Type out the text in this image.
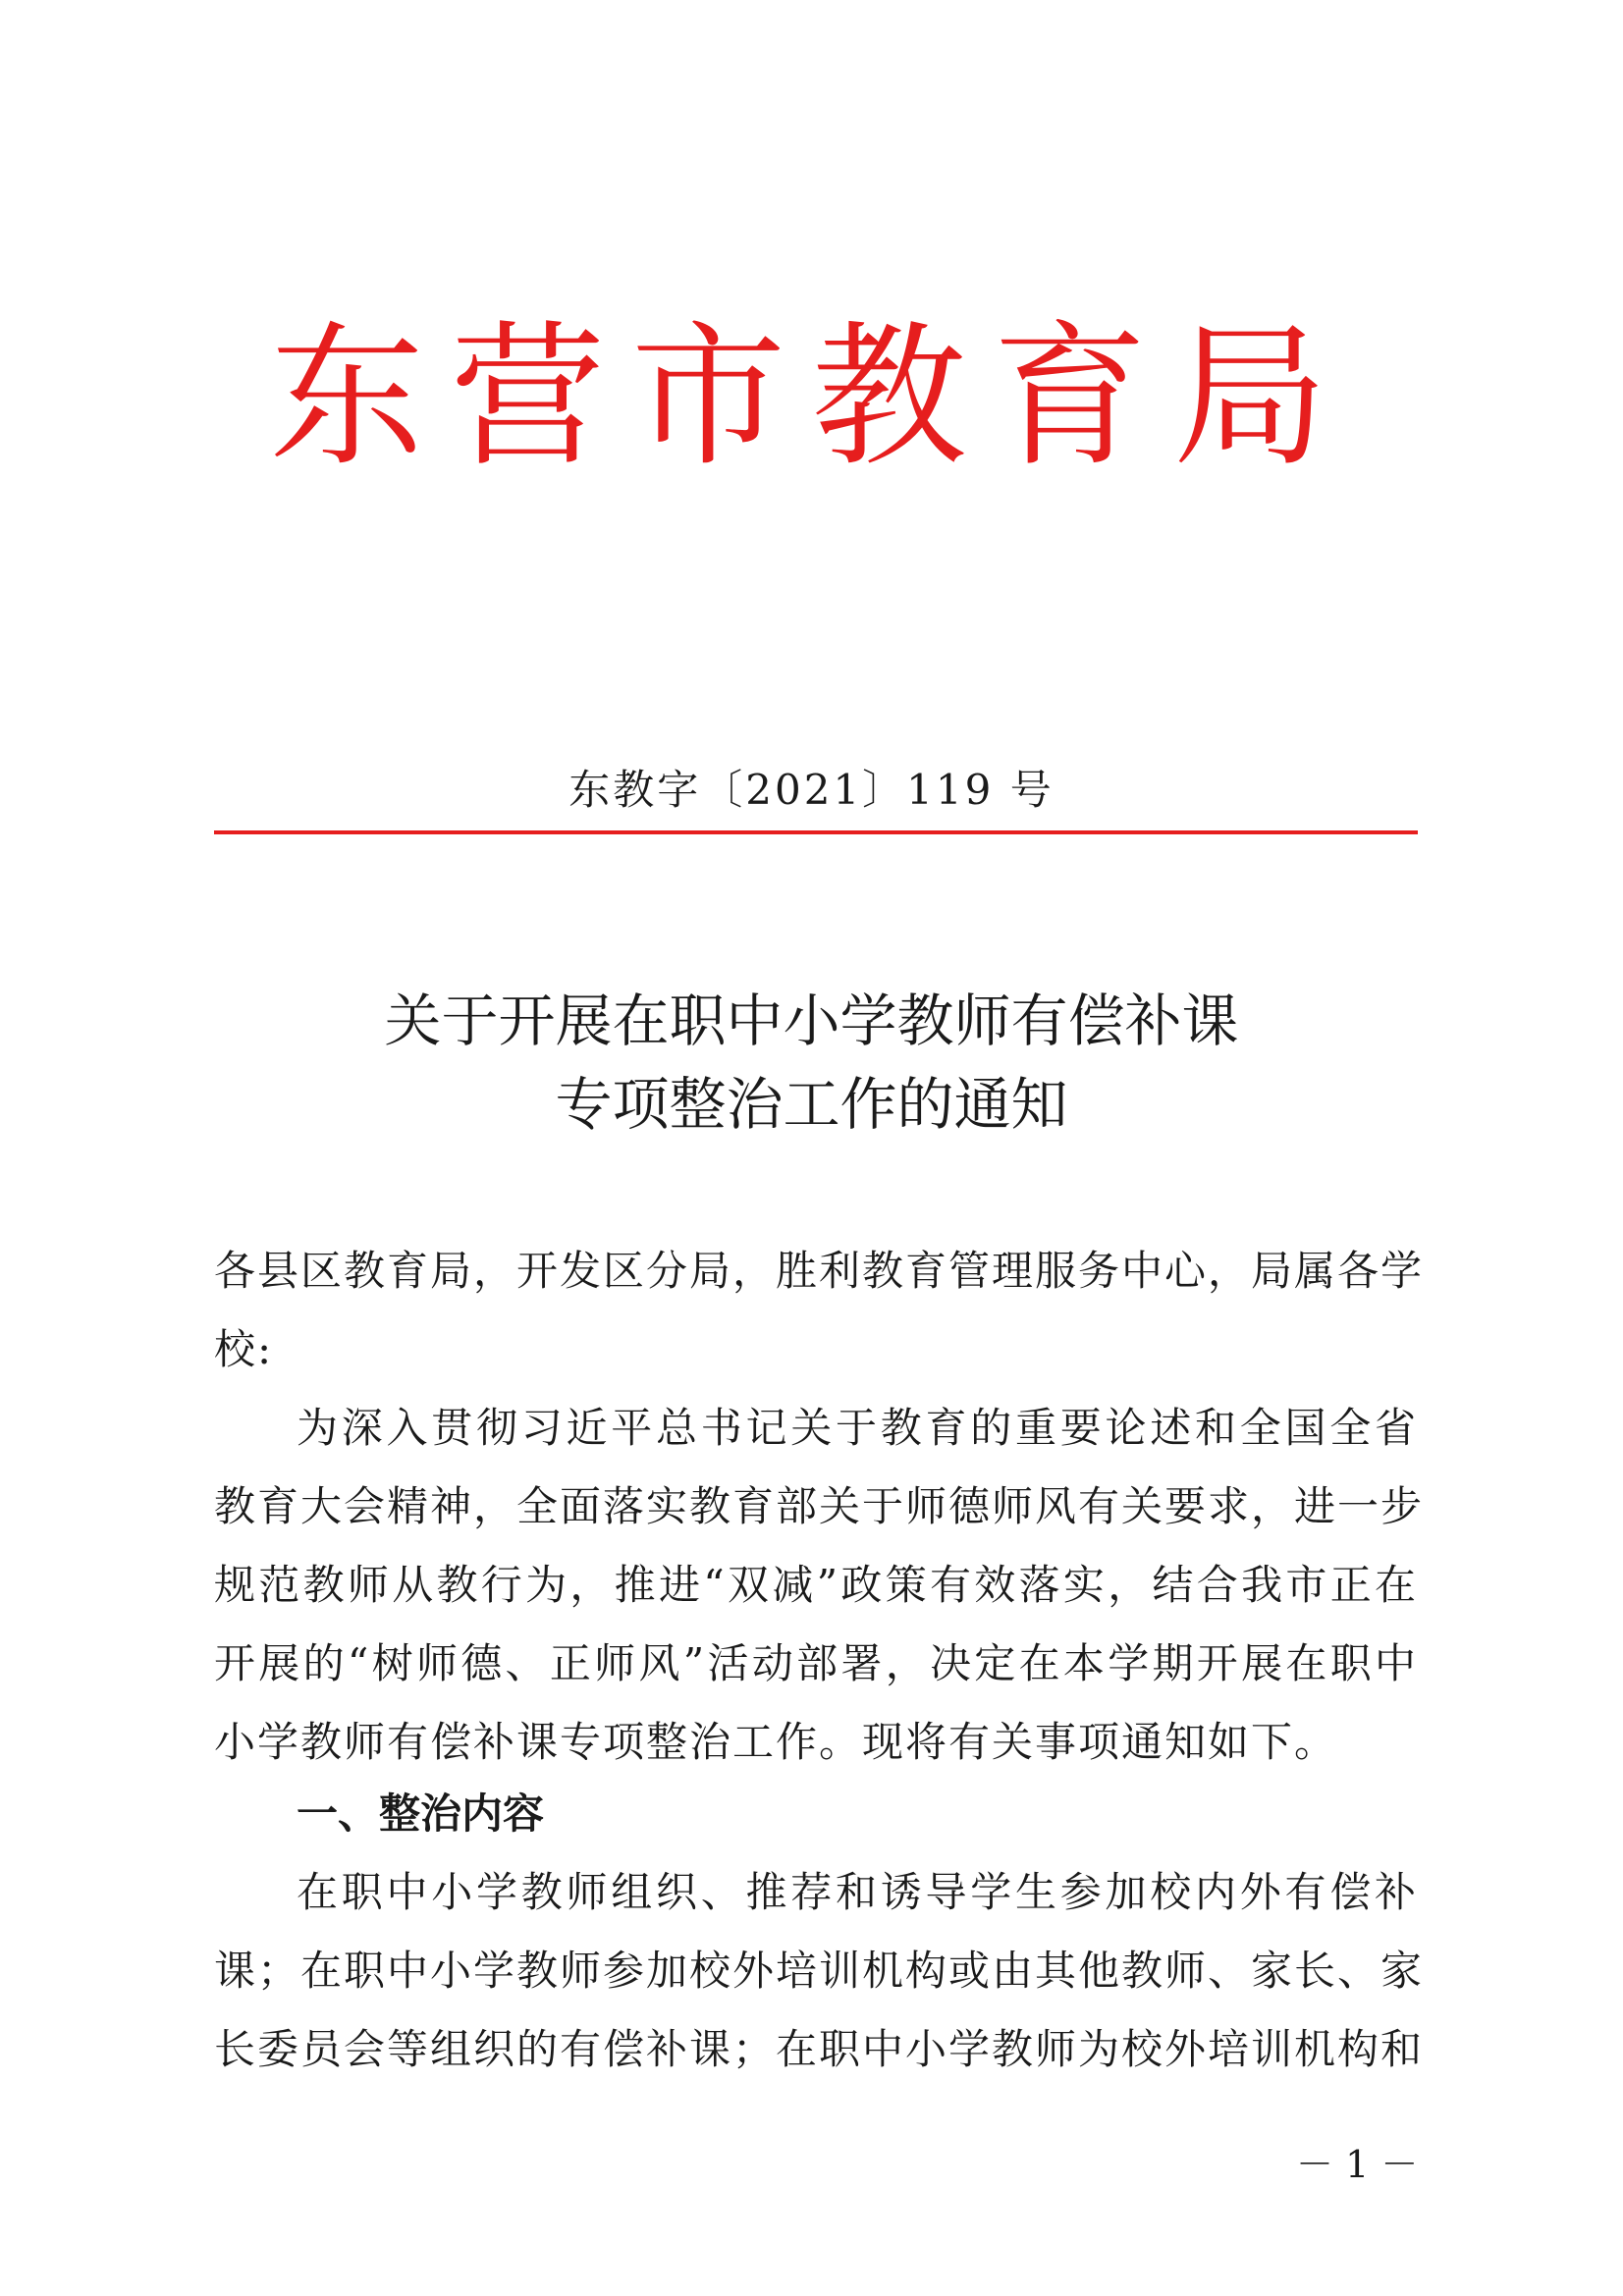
东营市教育局
东教字〔2021〕119 号
关于开展在职中小学教师有偿补课
专项整治工作的通知
各县区教育局，开发区分局，胜利教育管理服务中心，局属各学
校:
为深入贯彻习近平总书记关于教育的重要论述和全国全省
教育大会精神，全面落实教育部关于师德师风有关要求，进一步
规范教师从教行为，推进“双减”政策有效落实，结合我市正在
开展的“树师德、正师风”活动部署，决定在本学期开展在职中
小学教师有偿补课专项整治工作。现将有关事项通知如下。
一、整治内容
在职中小学教师组织、推荐和诱导学生参加校内外有偿补
课；在职中小学教师参加校外培训机构或由其他教师、家长、家
长委员会等组织的有偿补课；在职中小学教师为校外培训机构和
－ 1 －
